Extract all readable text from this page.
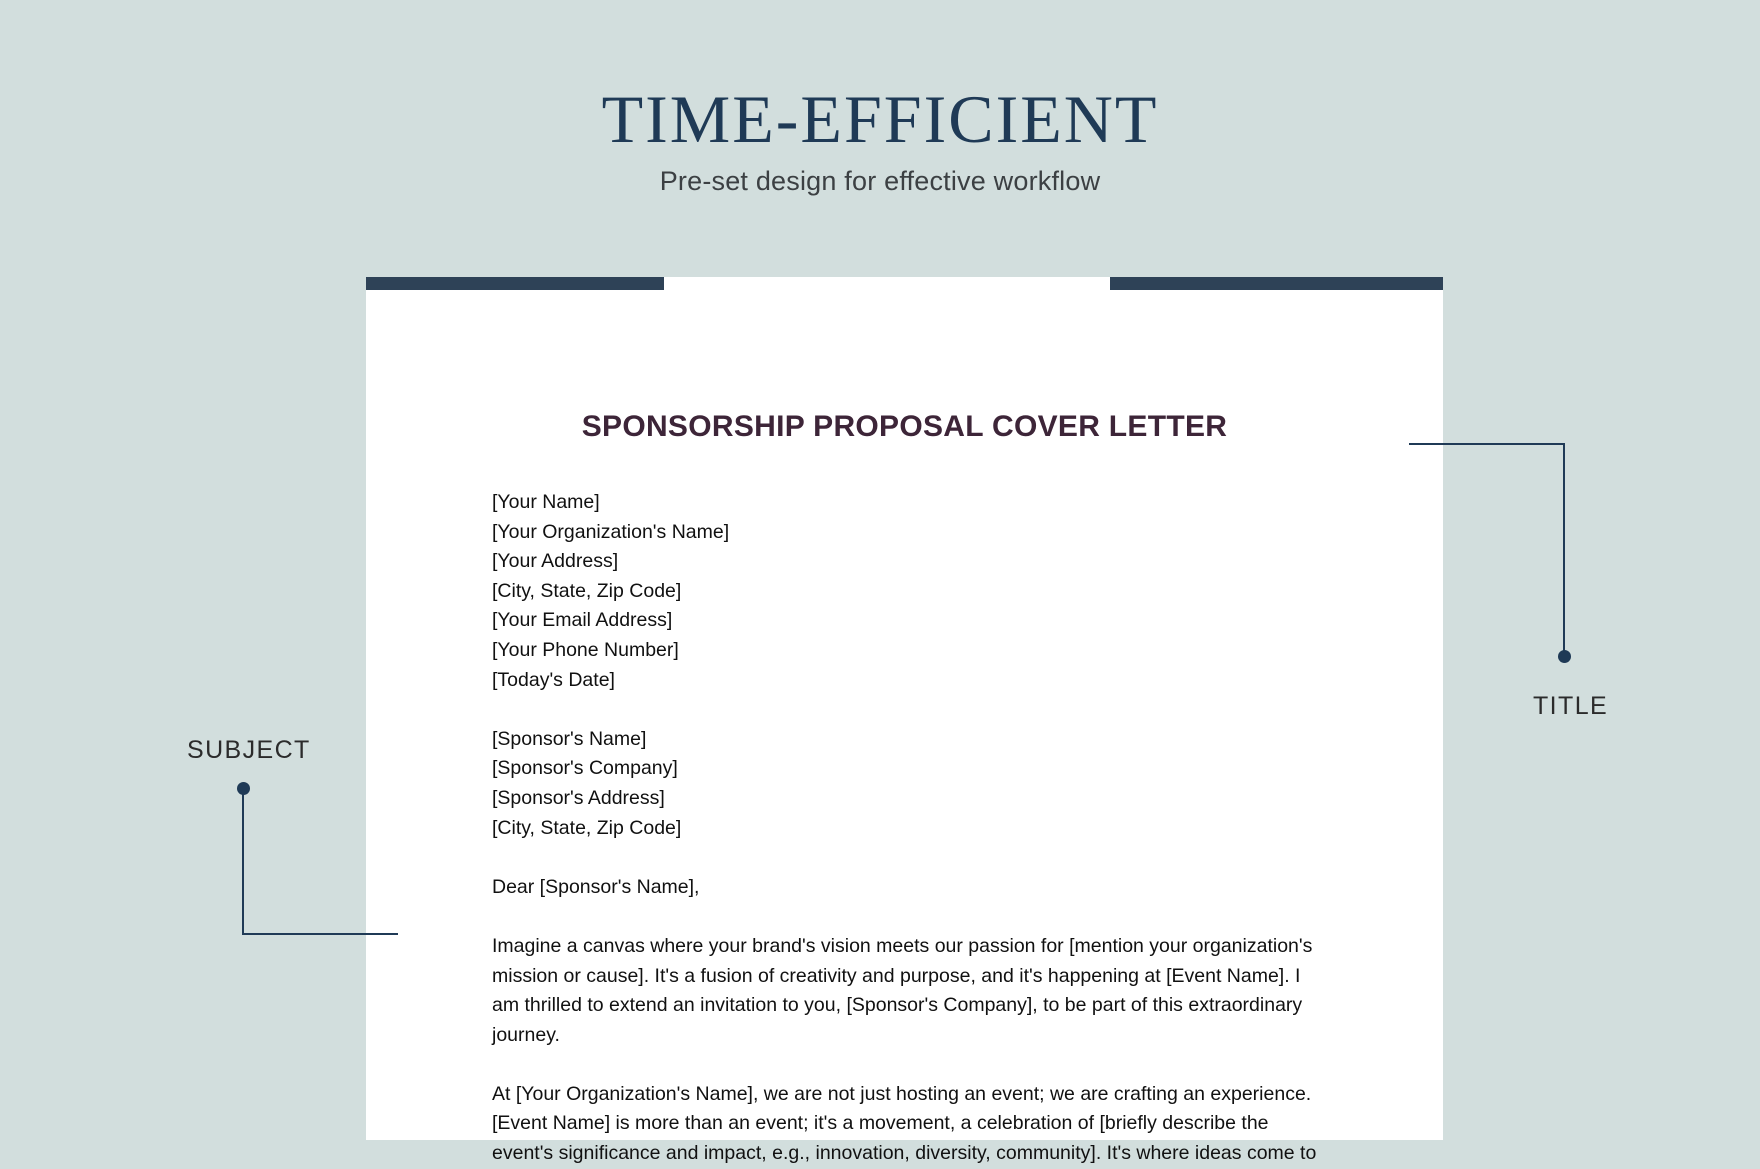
TIME-EFFICIENT
Pre-set design for effective workflow
SPONSORSHIP PROPOSAL COVER LETTER
[Your Name]
[Your Organization's Name]
[Your Address]
[City, State, Zip Code]
[Your Email Address]
[Your Phone Number]
[Today's Date]
[Sponsor's Name]
[Sponsor's Company]
[Sponsor's Address]
[City, State, Zip Code]
Dear [Sponsor's Name],

Imagine a canvas where your brand's vision meets our passion for [mention your organization's mission or cause]. It's a fusion of creativity and purpose, and it's happening at [Event Name]. I am thrilled to extend an invitation to you, [Sponsor's Company], to be part of this extraordinary journey.

At [Your Organization's Name], we are not just hosting an event; we are crafting an experience. [Event Name] is more than an event; it's a movement, a celebration of [briefly describe the event's significance and impact, e.g., innovation, diversity, community]. It's where ideas come to

SUBJECT
TITLE
